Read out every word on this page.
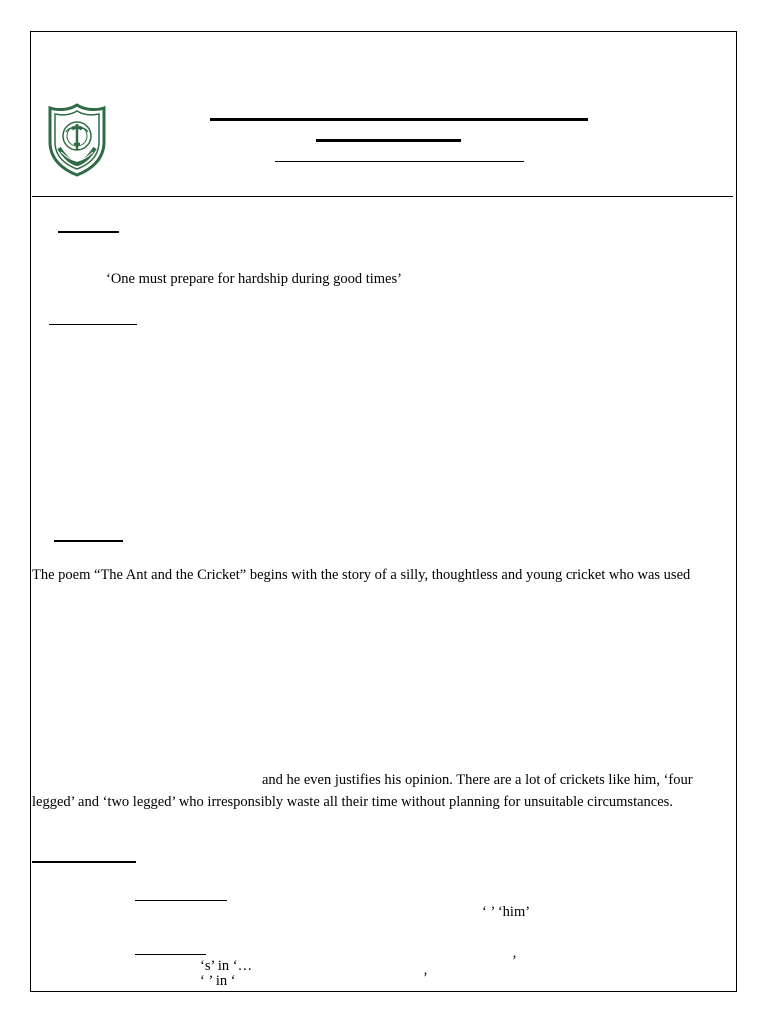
‘One must prepare for hardship during good times’
The poem “The Ant and the Cricket” begins with the story of a silly, thoughtless and young cricket who was used
and he even justifies his opinion. There are a lot of crickets like him, ‘four
legged’ and ‘two legged’ who irresponsibly waste all their time without planning for unsuitable circumstances.
‘ ’ ‘him’
‘s’ in ‘…	’
‘ ’ in ‘	’
